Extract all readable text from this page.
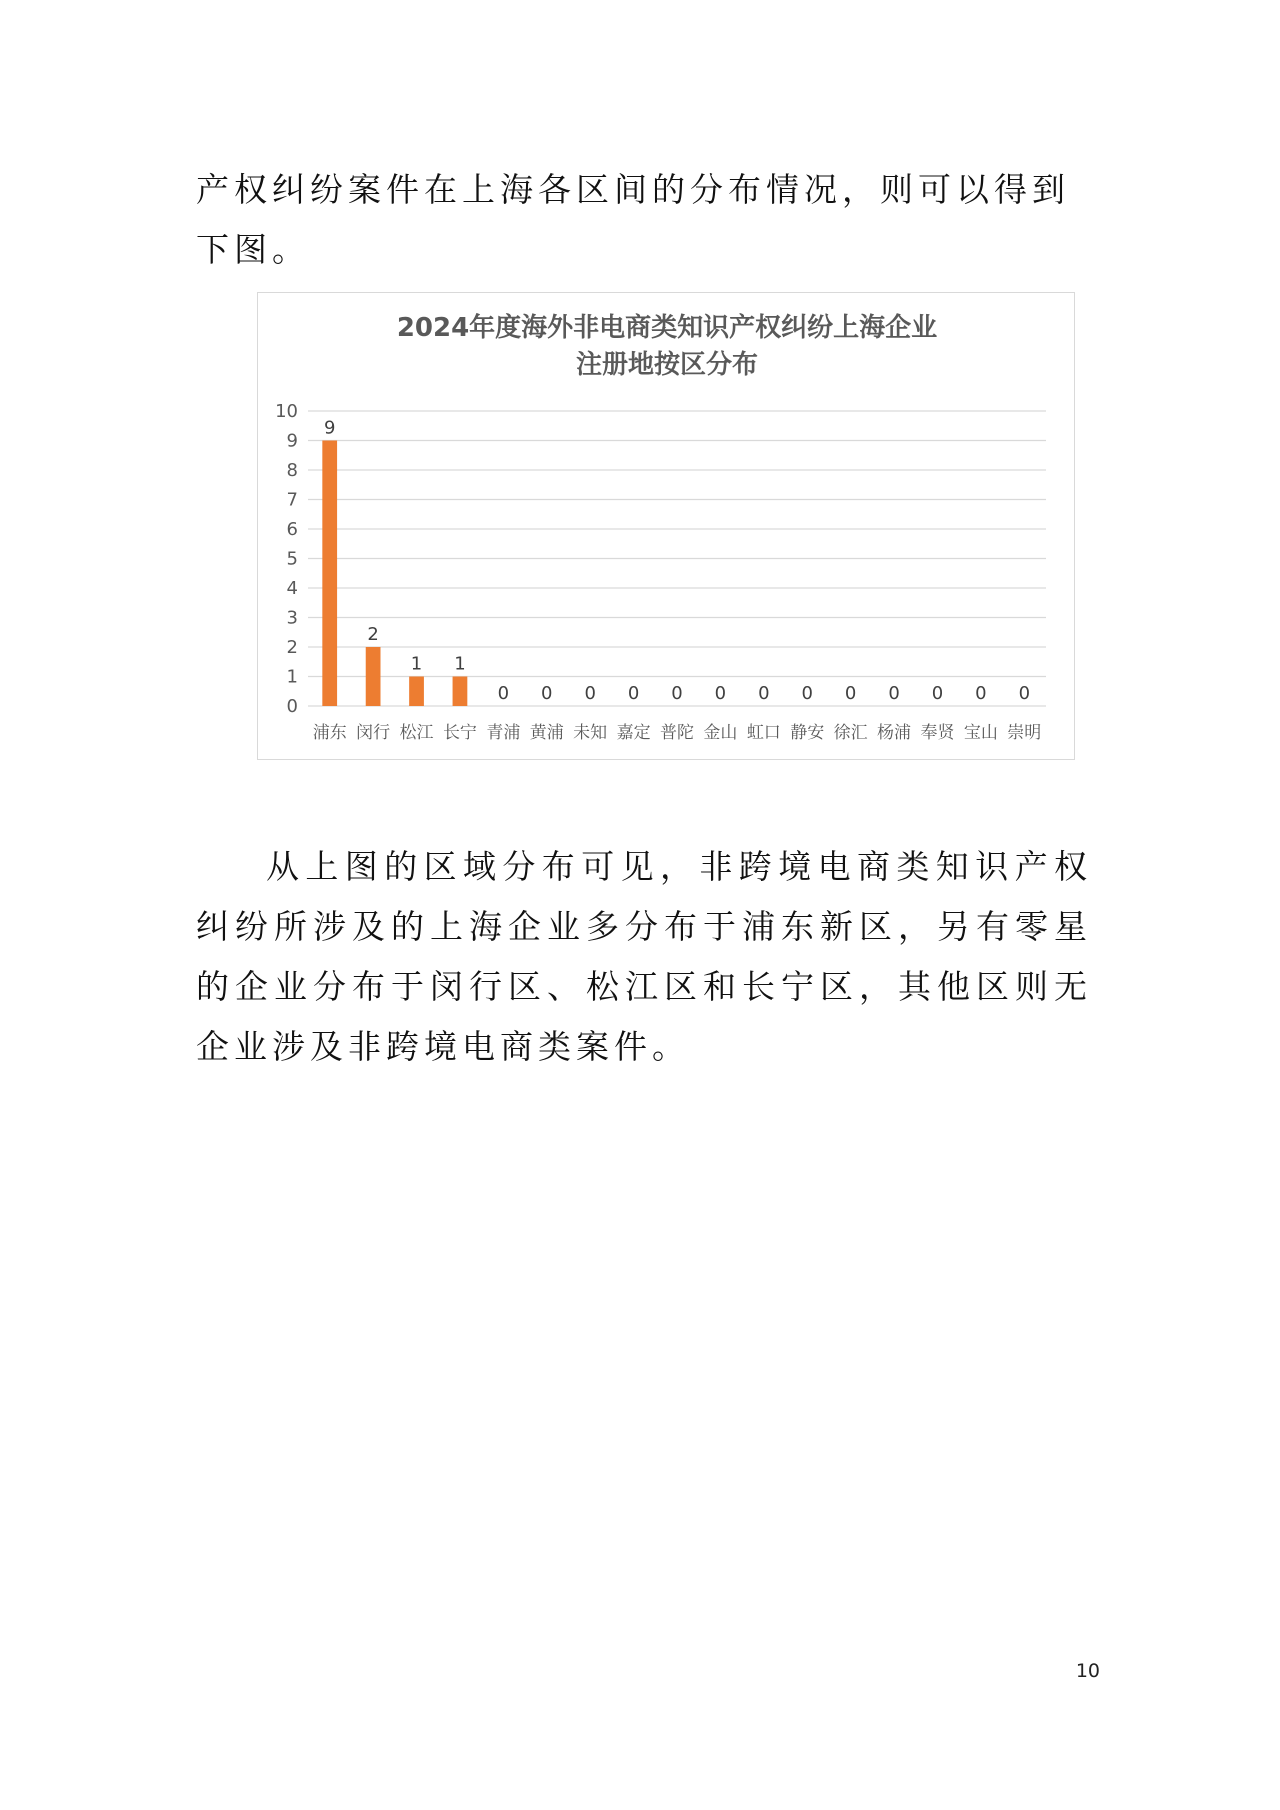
产权纠纷案件在上海各区间的分布情况，则可以得到下图。

2024年度海外非电商类知识产权纠纷上海企业
注册地按区分布
0
1
2
3
4
5
6
7
8
9
10
9
2
1 1
0 0 0 0 0 0 0 0 0 0 0 0 0
浦东 闵行 松江 长宁 青浦 黄浦 未知 嘉定 普陀 金山 虹口 静安 徐汇 杨浦 奉贤 宝山 崇明

从上图的区域分布可见，非跨境电商类知识产权纠纷所涉及的上海企业多分布于浦东新区，另有零星的企业分布于闵行区、松江区和长宁区，其他区则无企业涉及非跨境电商类案件。

10
